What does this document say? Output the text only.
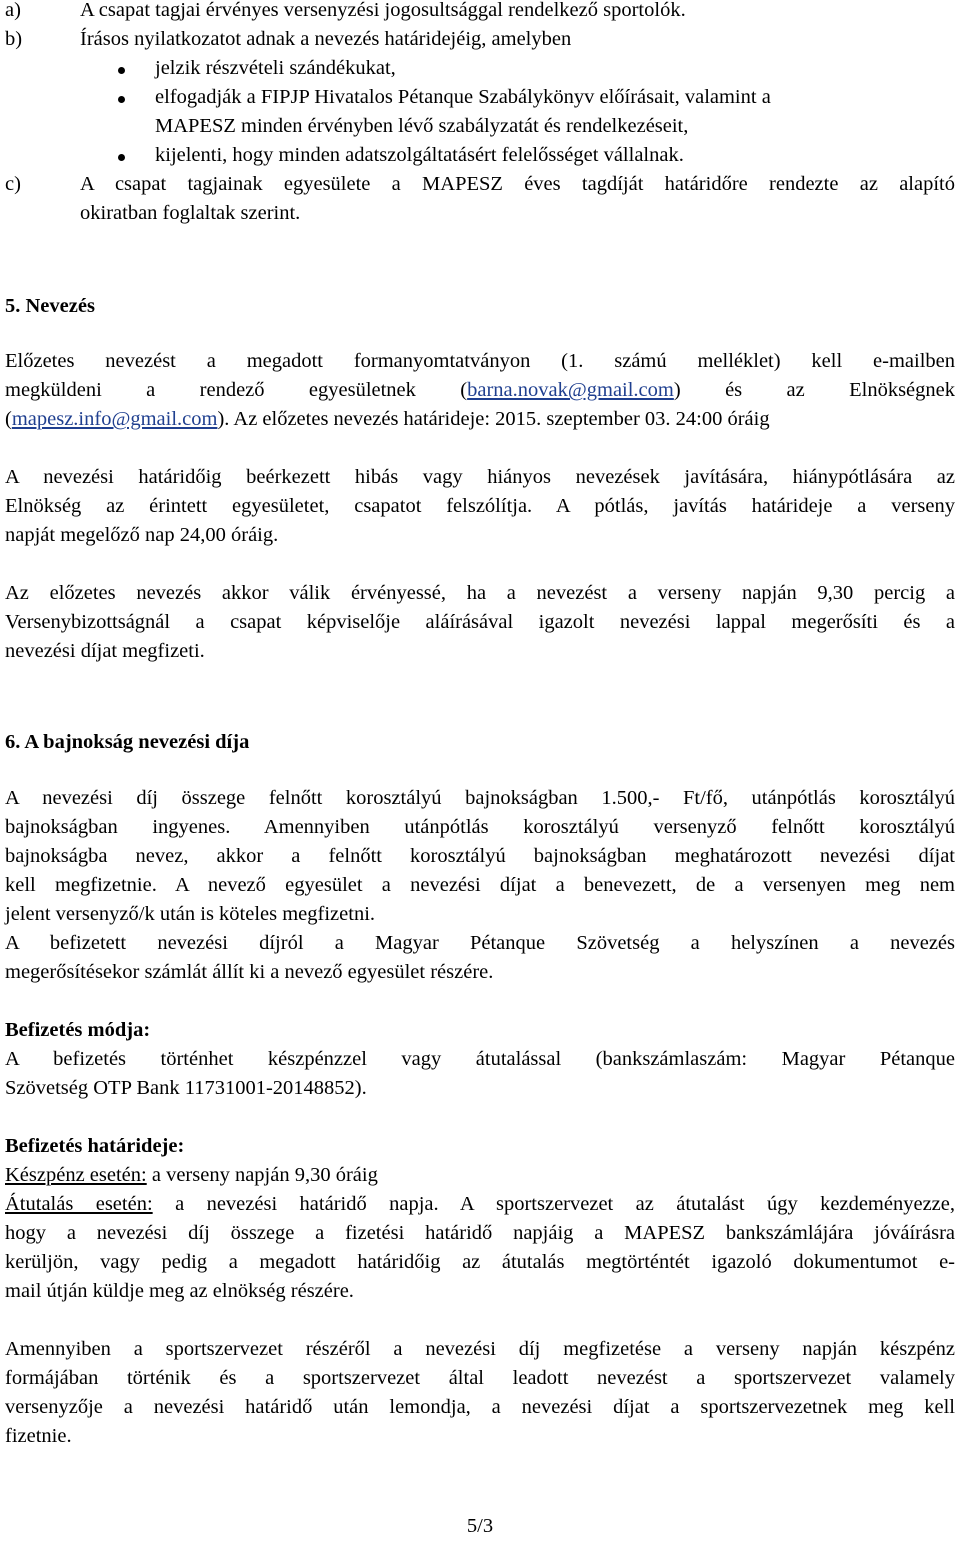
a)	A csapat tagjai érvényes versenyzési jogosultsággal rendelkező sportolók.
b)	Írásos nyilatkozatot adnak a nevezés határidejéig, amelyben
jelzik részvételi szándékukat,
elfogadják a FIPJP Hivatalos Pétanque Szabálykönyv előírásait, valamint a
MAPESZ minden érvényben lévő szabályzatát és rendelkezéseit,
kijelenti, hogy minden adatszolgáltatásért felelősséget vállalnak.
c)	A csapat tagjainak egyesülete a MAPESZ éves tagdíját határidőre rendezte az alapító
okiratban foglaltak szerint.
5. Nevezés
Előzetes nevezést a megadott formanyomtatványon (1. számú melléklet) kell e-mailben
megküldeni a rendező egyesületnek (barna.novak@gmail.com) és az Elnökségnek
(mapesz.info@gmail.com). Az előzetes nevezés határideje: 2015. szeptember 03. 24:00 óráig
A nevezési határidőig beérkezett hibás vagy hiányos nevezések javítására, hiánypótlására az
Elnökség az érintett egyesületet, csapatot felszólítja. A pótlás, javítás határideje a verseny
napját megelőző nap 24,00 óráig.
Az előzetes nevezés akkor válik érvényessé, ha a nevezést a verseny napján 9,30 percig a
Versenybizottságnál a csapat képviselője aláírásával igazolt nevezési lappal megerősíti és a
nevezési díjat megfizeti.
6. A bajnokság nevezési díja
A nevezési díj összege felnőtt korosztályú bajnokságban 1.500,- Ft/fő, utánpótlás korosztályú
bajnokságban ingyenes. Amennyiben utánpótlás korosztályú versenyző felnőtt korosztályú
bajnokságba nevez, akkor a felnőtt korosztályú bajnokságban meghatározott nevezési díjat
kell megfizetnie. A nevező egyesület a nevezési díjat a benevezett, de a versenyen meg nem
jelent versenyző/k után is köteles megfizetni.
A befizetett nevezési díjról a Magyar Pétanque Szövetség a helyszínen a nevezés
megerősítésekor számlát állít ki a nevező egyesület részére.
Befizetés módja:
A befizetés történhet készpénzzel vagy átutalással (bankszámlaszám: Magyar Pétanque
Szövetség OTP Bank 11731001-20148852).
Befizetés határideje:
Készpénz esetén: a verseny napján 9,30 óráig
Átutalás esetén: a nevezési határidő napja. A sportszervezet az átutalást úgy kezdeményezze,
hogy a nevezési díj összege a fizetési határidő napjáig a MAPESZ bankszámlájára jóváírásra
kerüljön, vagy pedig a megadott határidőig az átutalás megtörténtét igazoló dokumentumot e-
mail útján küldje meg az elnökség részére.
Amennyiben a sportszervezet részéről a nevezési díj megfizetése a verseny napján készpénz
formájában történik és a sportszervezet által leadott nevezést a sportszervezet valamely
versenyzője a nevezési határidő után lemondja, a nevezési díjat a sportszervezetnek meg kell
fizetnie.
5/3
